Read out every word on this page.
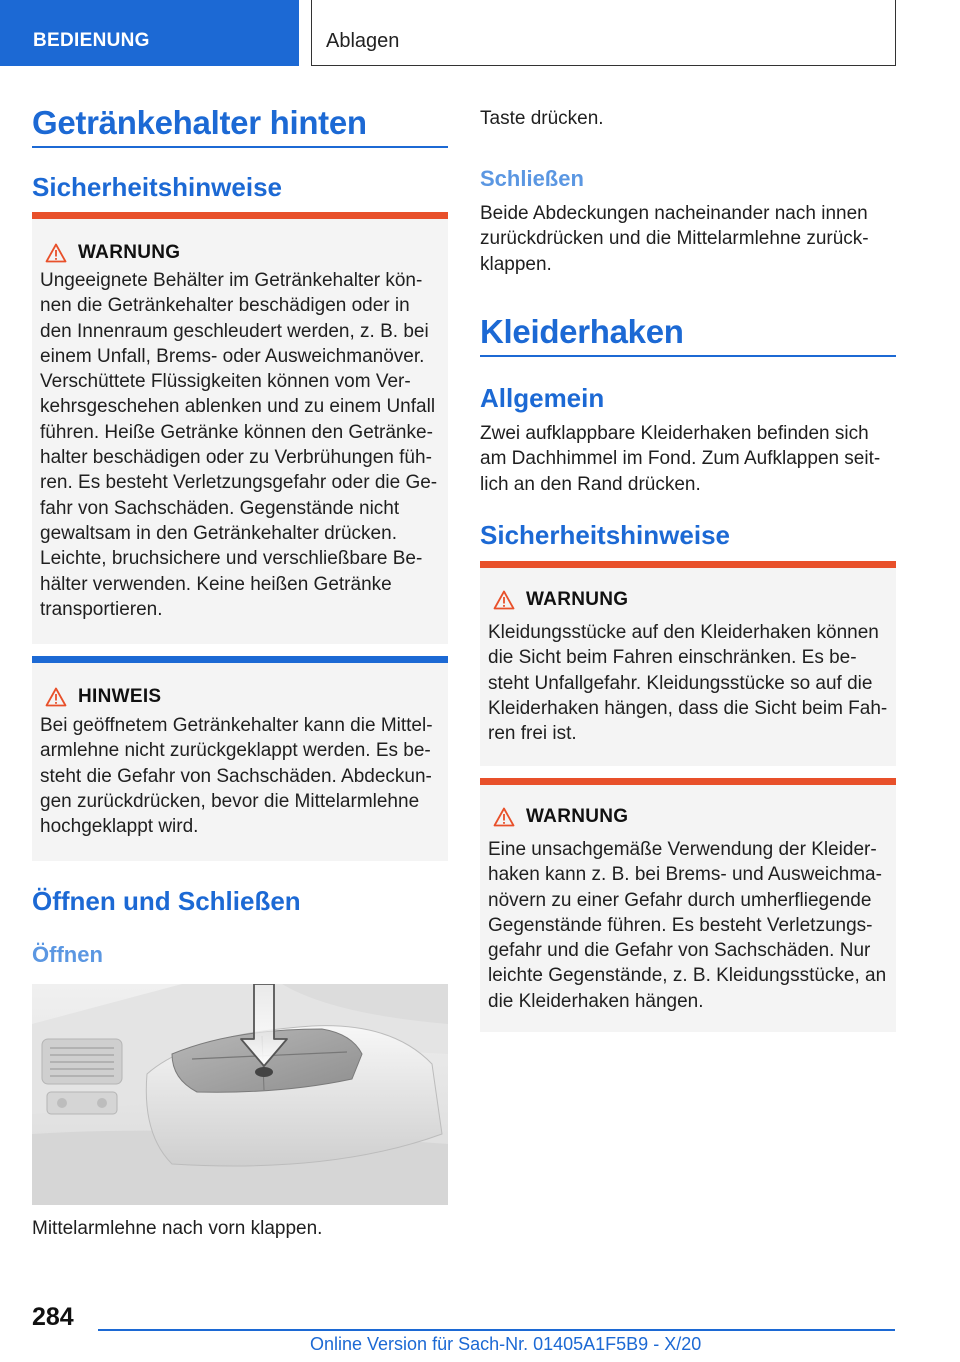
BEDIENUNG	Ablagen
Getränkehalter hinten
Sicherheitshinweise
WARNUNG
Ungeeignete Behälter im Getränkehalter kön-
nen die Getränkehalter beschädigen oder in
den Innenraum geschleudert werden, z. B. bei
einem Unfall, Brems- oder Ausweichmanöver.
Verschüttete Flüssigkeiten können vom Ver-
kehrsgeschehen ablenken und zu einem Unfall
führen. Heiße Getränke können den Getränke-
halter beschädigen oder zu Verbrühungen füh-
ren. Es besteht Verletzungsgefahr oder die Ge-
fahr von Sachschäden. Gegenstände nicht
gewaltsam in den Getränkehalter drücken.
Leichte, bruchsichere und verschließbare Be-
hälter verwenden. Keine heißen Getränke
transportieren.
HINWEIS
Bei geöffnetem Getränkehalter kann die Mittel-
armlehne nicht zurückgeklappt werden. Es be-
steht die Gefahr von Sachschäden. Abdeckun-
gen zurückdrücken, bevor die Mittelarmlehne
hochgeklappt wird.
Öffnen und Schließen
Öffnen
Mittelarmlehne nach vorn klappen.
Taste drücken.
Schließen
Beide Abdeckungen nacheinander nach innen
zurückdrücken und die Mittelarmlehne zurück-
klappen.
Kleiderhaken
Allgemein
Zwei aufklappbare Kleiderhaken befinden sich
am Dachhimmel im Fond. Zum Aufklappen seit-
lich an den Rand drücken.
Sicherheitshinweise
WARNUNG
Kleidungsstücke auf den Kleiderhaken können
die Sicht beim Fahren einschränken. Es be-
steht Unfallgefahr. Kleidungsstücke so auf die
Kleiderhaken hängen, dass die Sicht beim Fah-
ren frei ist.
WARNUNG
Eine unsachgemäße Verwendung der Kleider-
haken kann z. B. bei Brems- und Ausweichma-
növern zu einer Gefahr durch umherfliegende
Gegenstände führen. Es besteht Verletzungs-
gefahr und die Gefahr von Sachschäden. Nur
leichte Gegenstände, z. B. Kleidungsstücke, an
die Kleiderhaken hängen.
284
Online Version für Sach-Nr. 01405A1F5B9 - X/20
